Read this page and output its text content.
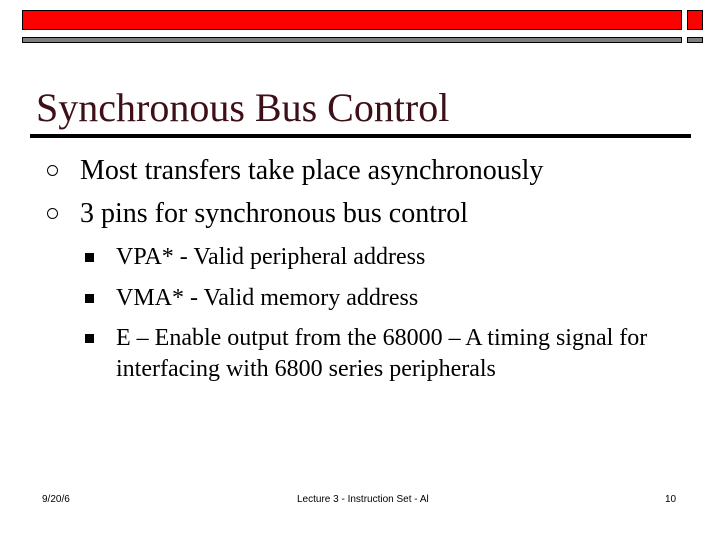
Synchronous Bus Control
Most transfers take place asynchronously
3 pins for synchronous bus control
VPA* - Valid peripheral address
VMA* - Valid memory address
E – Enable output from the 68000 – A timing signal for interfacing with 6800 series peripherals
9/20/6	Lecture 3 - Instruction Set - Al	10
